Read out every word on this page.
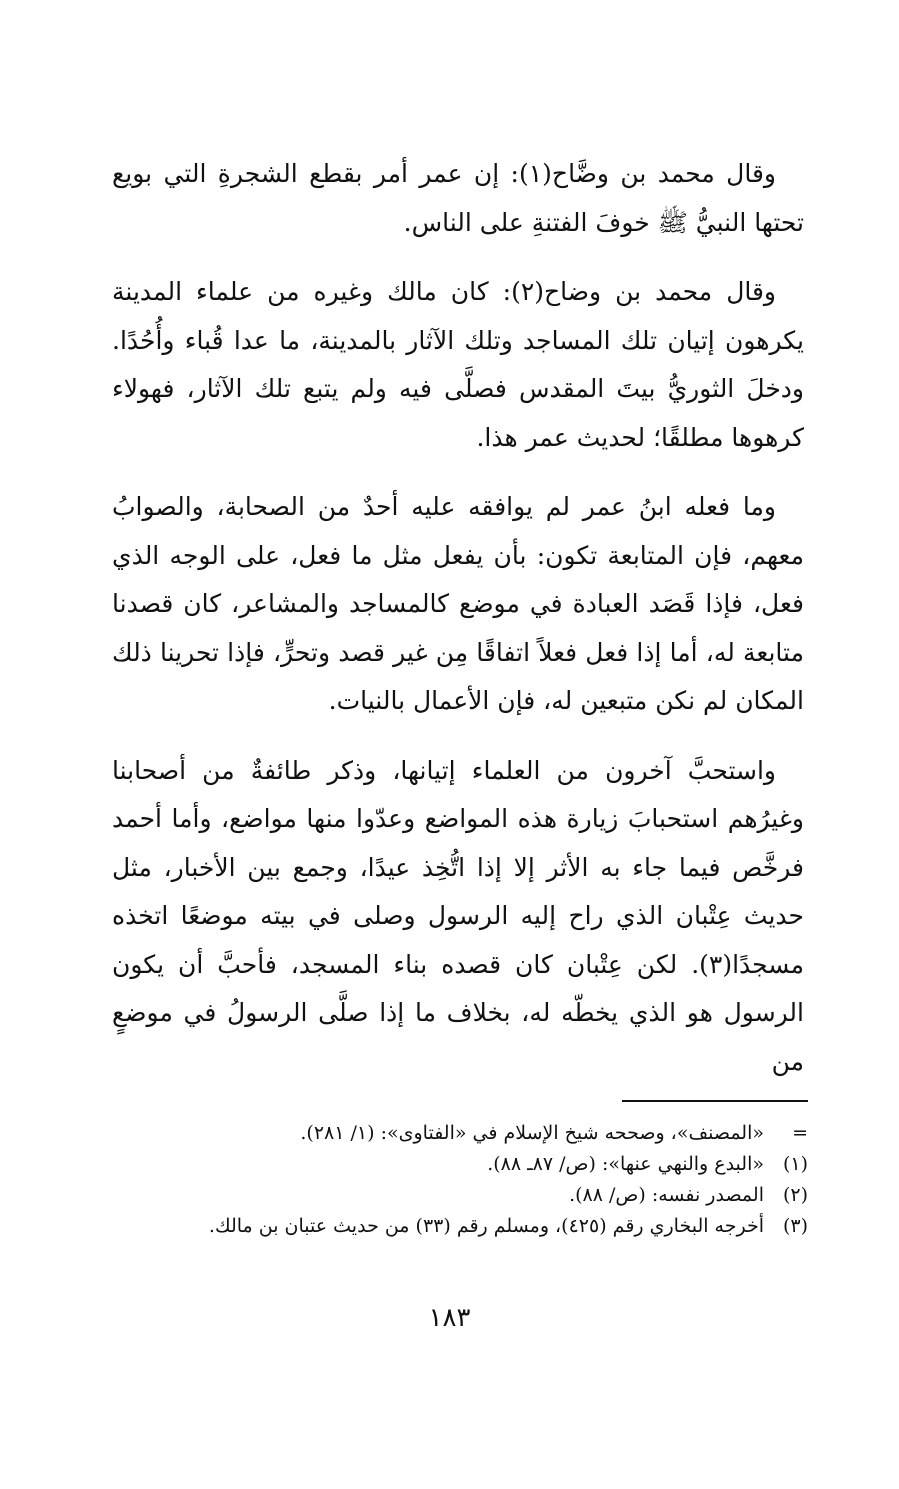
وقال محمد بن وضَّاح(١): إن عمر أمر بقطع الشجرةِ التي بويع تحتها النبيُّ ﷺ خوفَ الفتنةِ على الناس.

وقال محمد بن وضاح(٢): كان مالك وغيره من علماء المدينة يكرهون إتيان تلك المساجد وتلك الآثار بالمدينة، ما عدا قُباء وأُحُدًا. ودخلَ الثوريُّ بيتَ المقدس فصلَّى فيه ولم يتبع تلك الآثار، فهولاء كرهوها مطلقًا؛ لحديث عمر هذا.

وما فعله ابنُ عمر لم يوافقه عليه أحدٌ من الصحابة، والصوابُ معهم، فإن المتابعة تكون: بأن يفعل مثل ما فعل، على الوجه الذي فعل، فإذا قَصَد العبادة في موضع كالمساجد والمشاعر، كان قصدنا متابعة له، أما إذا فعل فعلاً اتفاقًا مِن غير قصد وتحرٍّ، فإذا تحرينا ذلك المكان لم نكن متبعين له، فإن الأعمال بالنيات.

واستحبَّ آخرون من العلماء إتيانها، وذكر طائفةٌ من أصحابنا وغيرُهم استحبابَ زيارة هذه المواضع وعدّوا منها مواضع، وأما أحمد فرخَّص فيما جاء به الأثر إلا إذا اتُّخِذ عيدًا، وجمع بين الأخبار، مثل حديث عِتْبان الذي راح إليه الرسول وصلى في بيته موضعًا اتخذه مسجدًا(٣). لكن عِتْبان كان قصده بناء المسجد، فأحبَّ أن يكون الرسول هو الذي يخطّه له، بخلاف ما إذا صلَّى الرسولُ في موضعٍ من

=
«المصنف»، وصححه شيخ الإسلام في «الفتاوى»: (١/ ٢٨١).
(١)
«البدع والنهي عنها»: (ص/ ٨٧ـ ٨٨).
(٢)
المصدر نفسه: (ص/ ٨٨).
(٣)
أخرجه البخاري رقم (٤٢٥)، ومسلم رقم (٣٣) من حديث عتبان بن مالك.
١٨٣
